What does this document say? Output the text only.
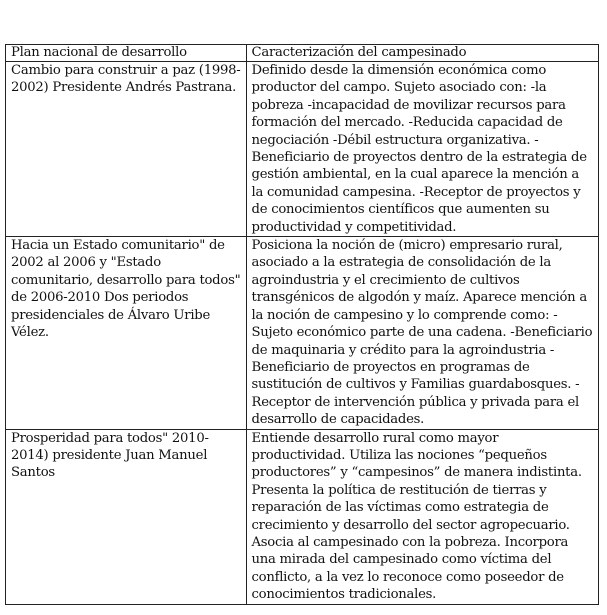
Plan nacional de desarrollo	Caracterización del campesinado
Cambio para construir a paz (1998-2002) Presidente Andrés Pastrana.	Definido desde la dimensión económica como productor del campo. Sujeto asociado con: -la pobreza -incapacidad de movilizar recursos para formación del mercado. -Reducida capacidad de negociación -Débil estructura organizativa. -Beneficiario de proyectos dentro de la estrategia de gestión ambiental, en la cual aparece la mención a la comunidad campesina. -Receptor de proyectos y de conocimientos científicos que aumenten su productividad y competitividad.
Hacia un Estado comunitario" de 2002 al 2006 y "Estado comunitario, desarrollo para todos" de 2006-2010 Dos periodos presidenciales de Álvaro Uribe Vélez.	Posiciona la noción de (micro) empresario rural, asociado a la estrategia de consolidación de la agroindustria y el crecimiento de cultivos transgénicos de algodón y maíz. Aparece mención a la noción de campesino y lo comprende como: -Sujeto económico parte de una cadena. -Beneficiario de maquinaria y crédito para la agroindustria -Beneficiario de proyectos en programas de sustitución de cultivos y Familias guardabosques. -Receptor de intervención pública y privada para el desarrollo de capacidades.
Prosperidad para todos" 2010-2014) presidente Juan Manuel Santos	Entiende desarrollo rural como mayor productividad. Utiliza las nociones “pequeños productores” y “campesinos” de manera indistinta. Presenta la política de restitución de tierras y reparación de las víctimas como estrategia de crecimiento y desarrollo del sector agropecuario. Asocia al campesinado con la pobreza. Incorpora una mirada del campesinado como víctima del conflicto, a la vez lo reconoce como poseedor de conocimientos tradicionales.
